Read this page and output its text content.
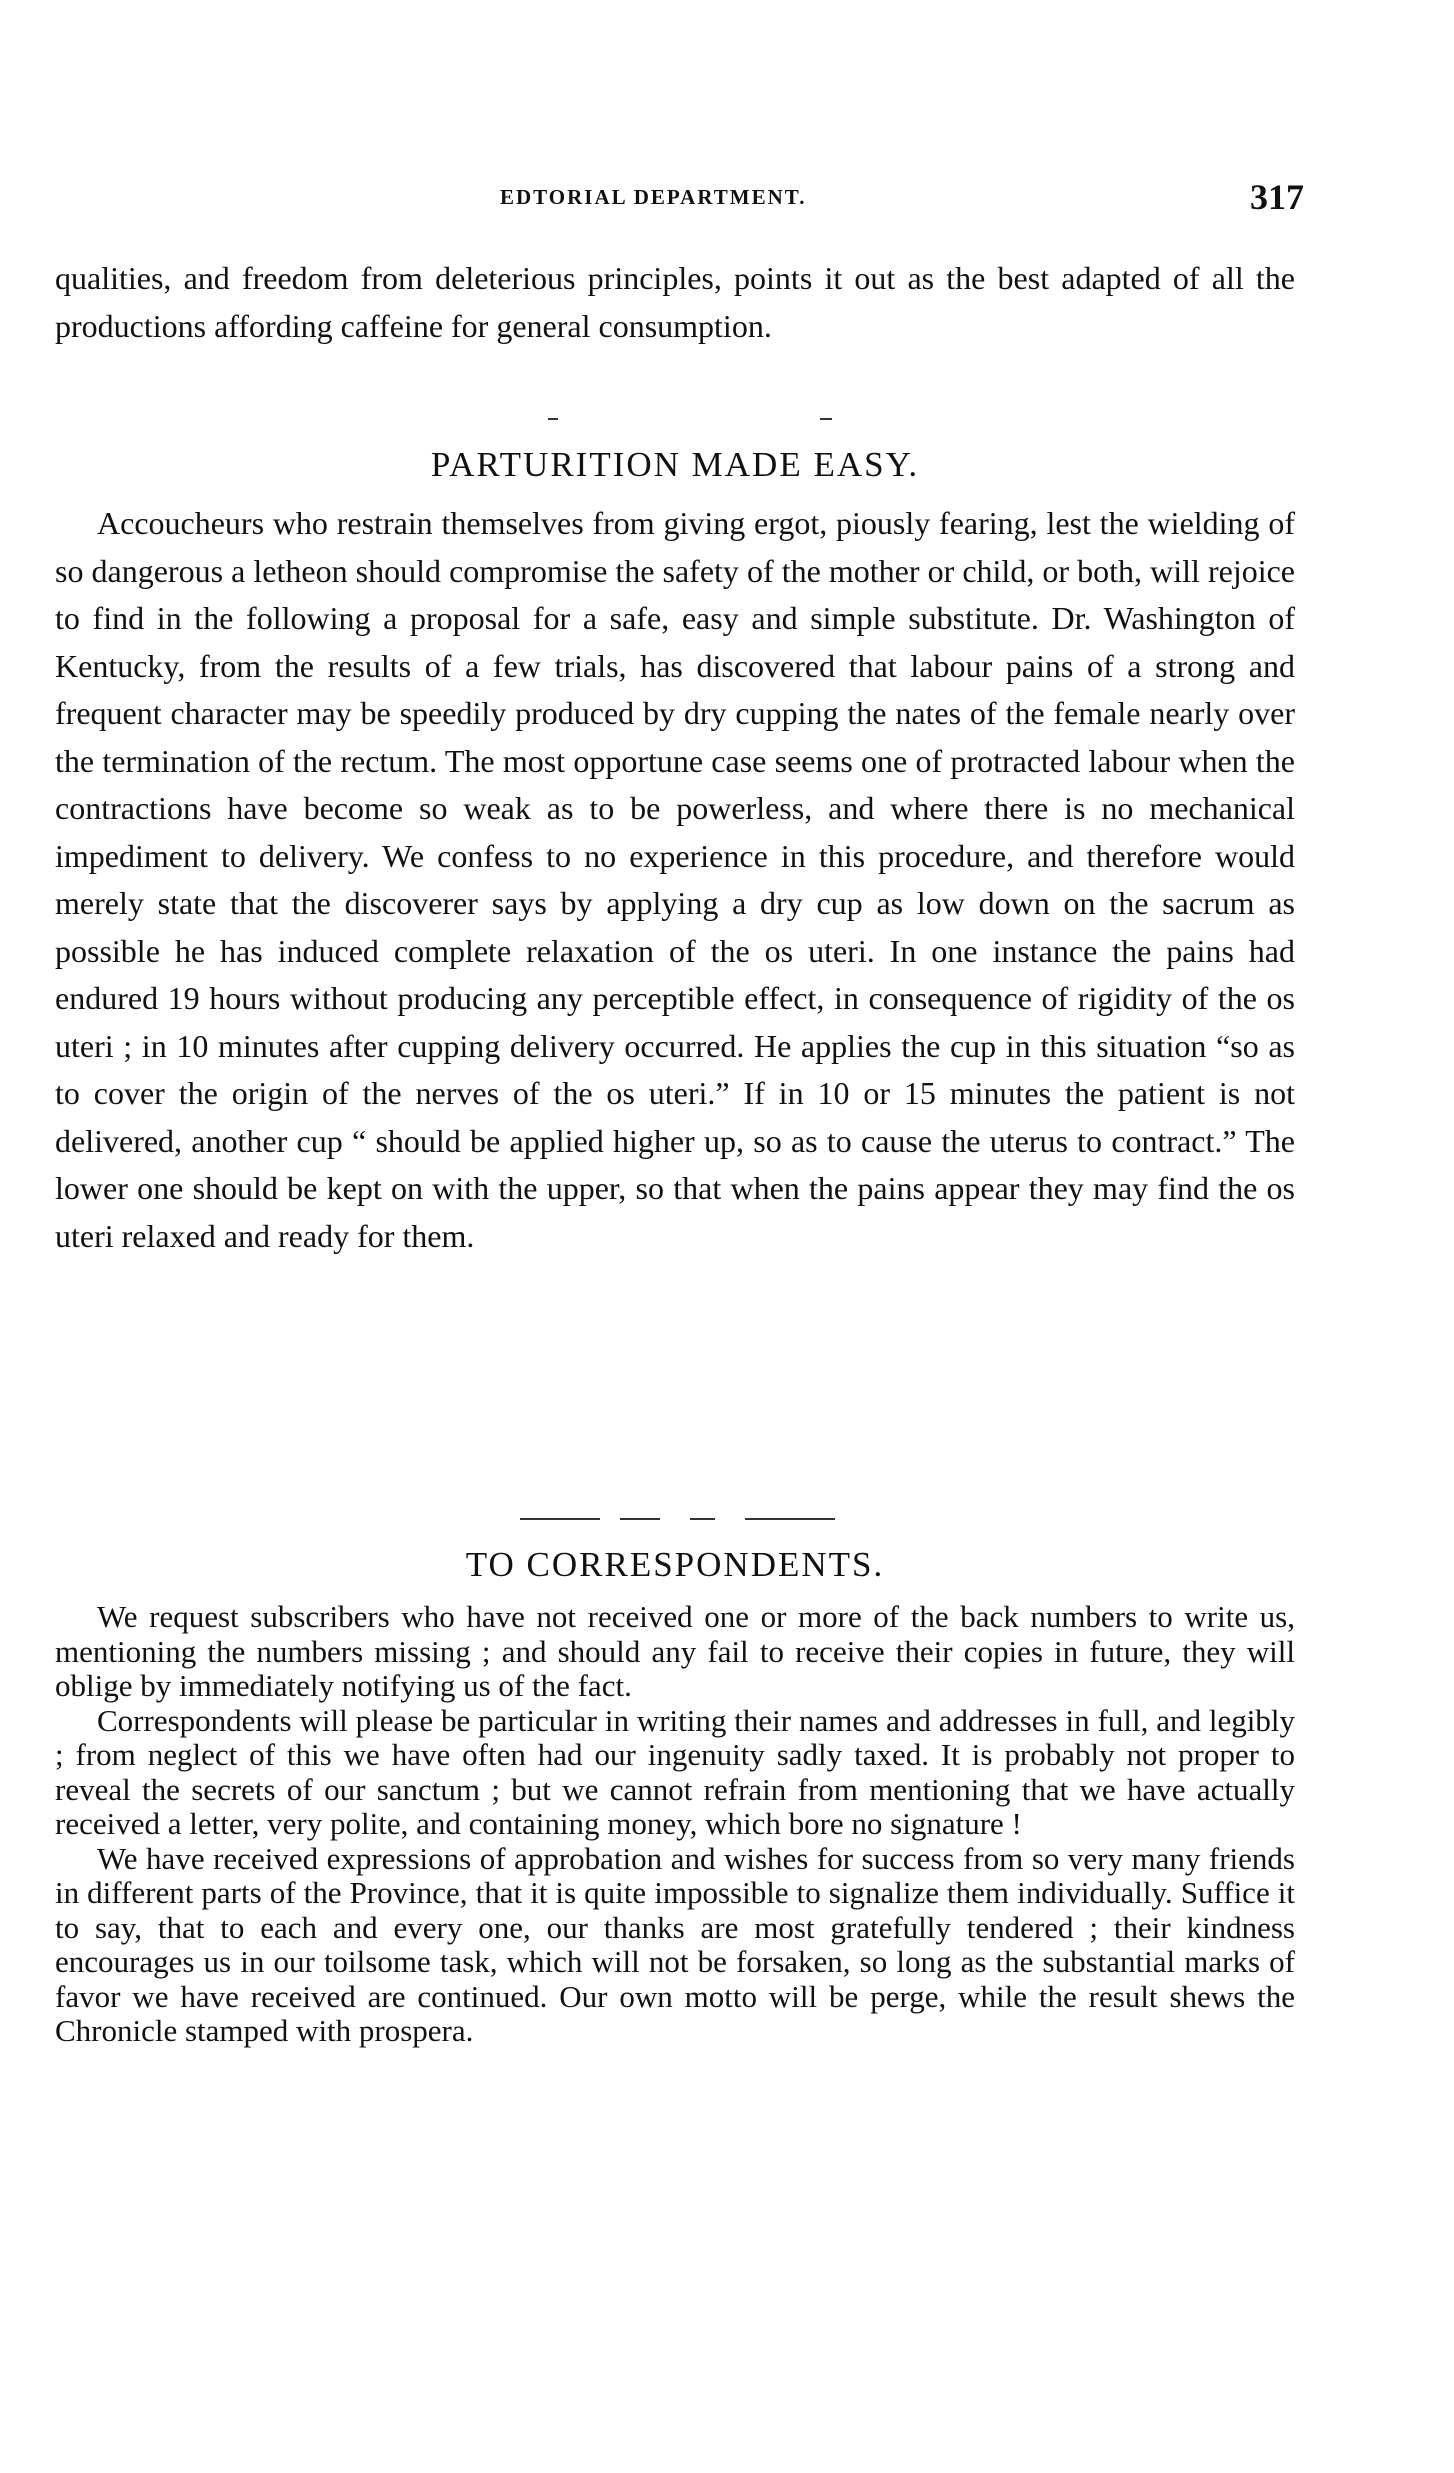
EDTORIAL DEPARTMENT.	317

qualities, and freedom from deleterious principles, points it out as the best adapted of all the productions affording caffeine for general consumption.

PARTURITION MADE EASY.

Accoucheurs who restrain themselves from giving ergot, piously fearing, lest the wielding of so dangerous a letheon should compromise the safety of the mother or child, or both, will rejoice to find in the following a proposal for a safe, easy and simple substitute. Dr. Washington of Kentucky, from the results of a few trials, has discovered that labour pains of a strong and frequent character may be speedily produced by dry cupping the nates of the female nearly over the termination of the rectum. The most opportune case seems one of protracted labour when the contractions have become so weak as to be powerless, and where there is no mechanical impediment to delivery. We confess to no experience in this procedure, and therefore would merely state that the discoverer says by applying a dry cup as low down on the sacrum as possible he has induced complete relaxation of the os uteri. In one instance the pains had endured 19 hours without producing any perceptible effect, in consequence of rigidity of the os uteri ; in 10 minutes after cupping delivery occurred. He applies the cup in this situation “so as to cover the origin of the nerves of the os uteri.” If in 10 or 15 minutes the patient is not delivered, another cup “ should be applied higher up, so as to cause the uterus to contract.” The lower one should be kept on with the upper, so that when the pains appear they may find the os uteri relaxed and ready for them.

TO CORRESPONDENTS.

We request subscribers who have not received one or more of the back numbers to write us, mentioning the numbers missing ; and should any fail to receive their copies in future, they will oblige by immediately notifying us of the fact.

Correspondents will please be particular in writing their names and addresses in full, and legibly ; from neglect of this we have often had our ingenuity sadly taxed. It is probably not proper to reveal the secrets of our sanctum ; but we cannot refrain from mentioning that we have actually received a letter, very polite, and containing money, which bore no signature !

We have received expressions of approbation and wishes for success from so very many friends in different parts of the Province, that it is quite impossible to signalize them individually. Suffice it to say, that to each and every one, our thanks are most gratefully tendered ; their kindness encourages us in our toilsome task, which will not be forsaken, so long as the substantial marks of favor we have received are continued. Our own motto will be perge, while the result shews the Chronicle stamped with prospera.
